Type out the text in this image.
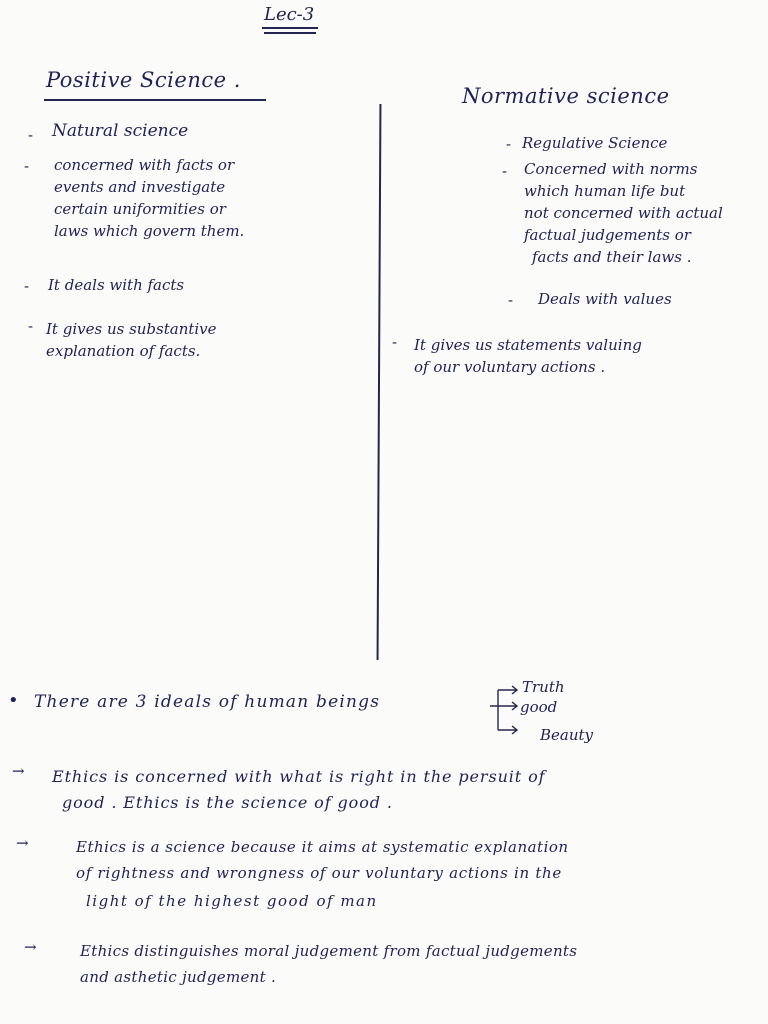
Lec-3
Positive Science .
- Natural science
- concerned with facts or
events and investigate
certain uniformities or
laws which govern them.
- It deals with facts
- It gives us substantive
explanation of facts.
Normative science
- Regulative Science
- Concerned with norms
which human life but
not concerned with actual
factual judgements or
facts and their laws .
- Deals with values
- It gives us statements valuing
of our voluntary actions .
• There are 3 ideals of human beings
Truth
good
Beauty
→ Ethics is concerned with what is right in the persuit of
good . Ethics is the science of good .
→	Ethics is a science because it aims at systematic explanation
of rightness and wrongness of our voluntary actions in the
light of the highest good of man
→	Ethics distinguishes moral judgement from factual judgements
and asthetic judgement .
